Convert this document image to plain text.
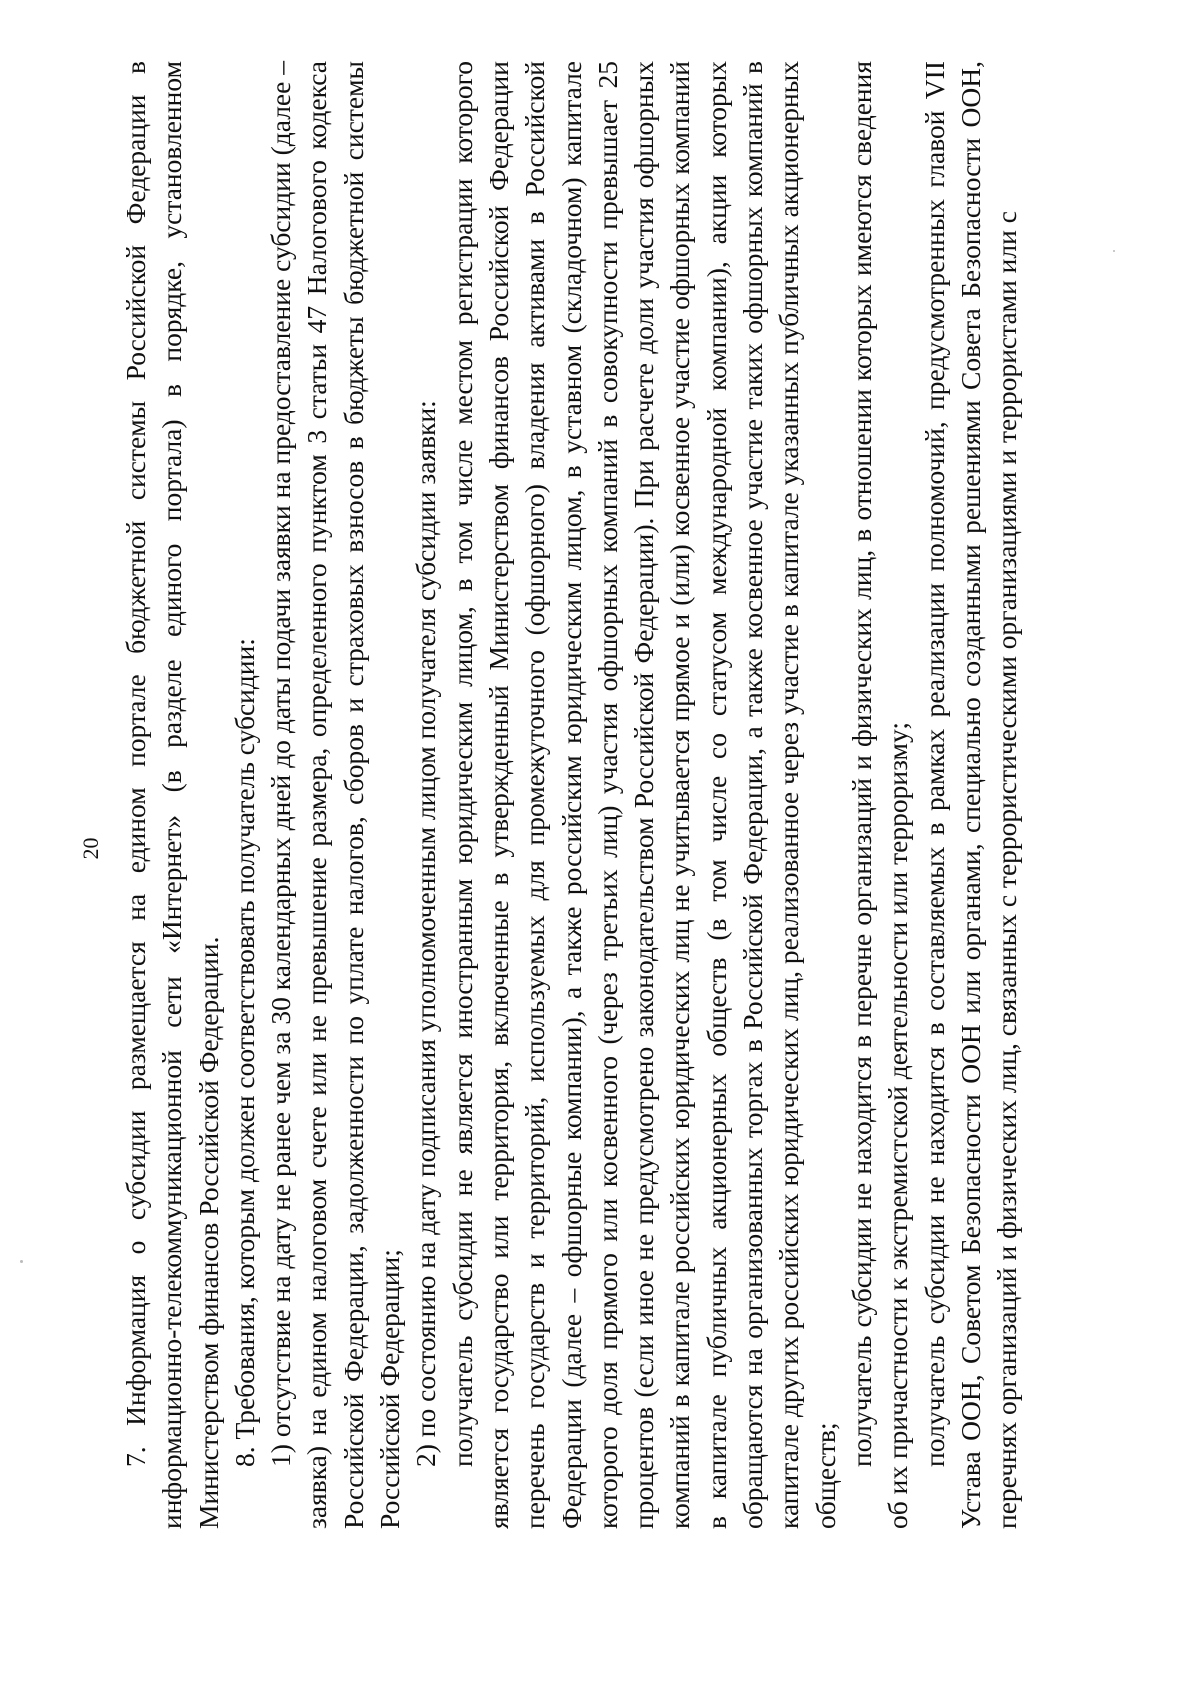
20 7. Информация о субсидии размещается на едином портале бюджетной системы Российской Федерации в информационно-телекоммуникационной сети «Интернет» (в разделе единого портала) в порядке, установленном Министерством финансов Российской Федерации. 8. Требования, которым должен соответствовать получатель субсидии: 1) отсутствие на дату не ранее чем за 30 календарных дней до даты подачи заявки на предоставление субсидии (далее – заявка) на едином налоговом счете или не превышение размера, определенного пунктом 3 статьи 47 Налогового кодекса Российской Федерации, задолженности по уплате налогов, сборов и страховых взносов в бюджеты бюджетной системы Российской Федерации; 2) по состоянию на дату подписания уполномоченным лицом получателя субсидии заявки: получатель субсидии не является иностранным юридическим лицом, в том числе местом регистрации которого является государство или территория, включенные в утвержденный Министерством финансов Российской Федерации перечень государств и территорий, используемых для промежуточного (офшорного) владения активами в Российской Федерации (далее – офшорные компании), а также российским юридическим лицом, в уставном (складочном) капитале которого доля прямого или косвенного (через третьих лиц) участия офшорных компаний в совокупности превышает 25 процентов (если иное не предусмотрено законодательством Российской Федерации). При расчете доли участия офшорных компаний в капитале российских юридических лиц не учитывается прямое и (или) косвенное участие офшорных компаний в капитале публичных акционерных обществ (в том числе со статусом международной компании), акции которых обращаются на организованных торгах в Российской Федерации, а также косвенное участие таких офшорных компаний в капитале других российских юридических лиц, реализованное через участие в капитале указанных публичных акционерных обществ;

получатель субсидии не находится в перечне организаций и физических лиц, в отношении которых имеются сведения об их причастности к экстремистской деятельности или терроризму; получатель субсидии не находится в составляемых в рамках реализации полномочий, предусмотренных главой VII Устава ООН, Советом Безопасности ООН или органами, специально созданными решениями Совета Безопасности ООН, перечнях организаций и физических лиц, связанных с террористическими организациями и террористами или с
